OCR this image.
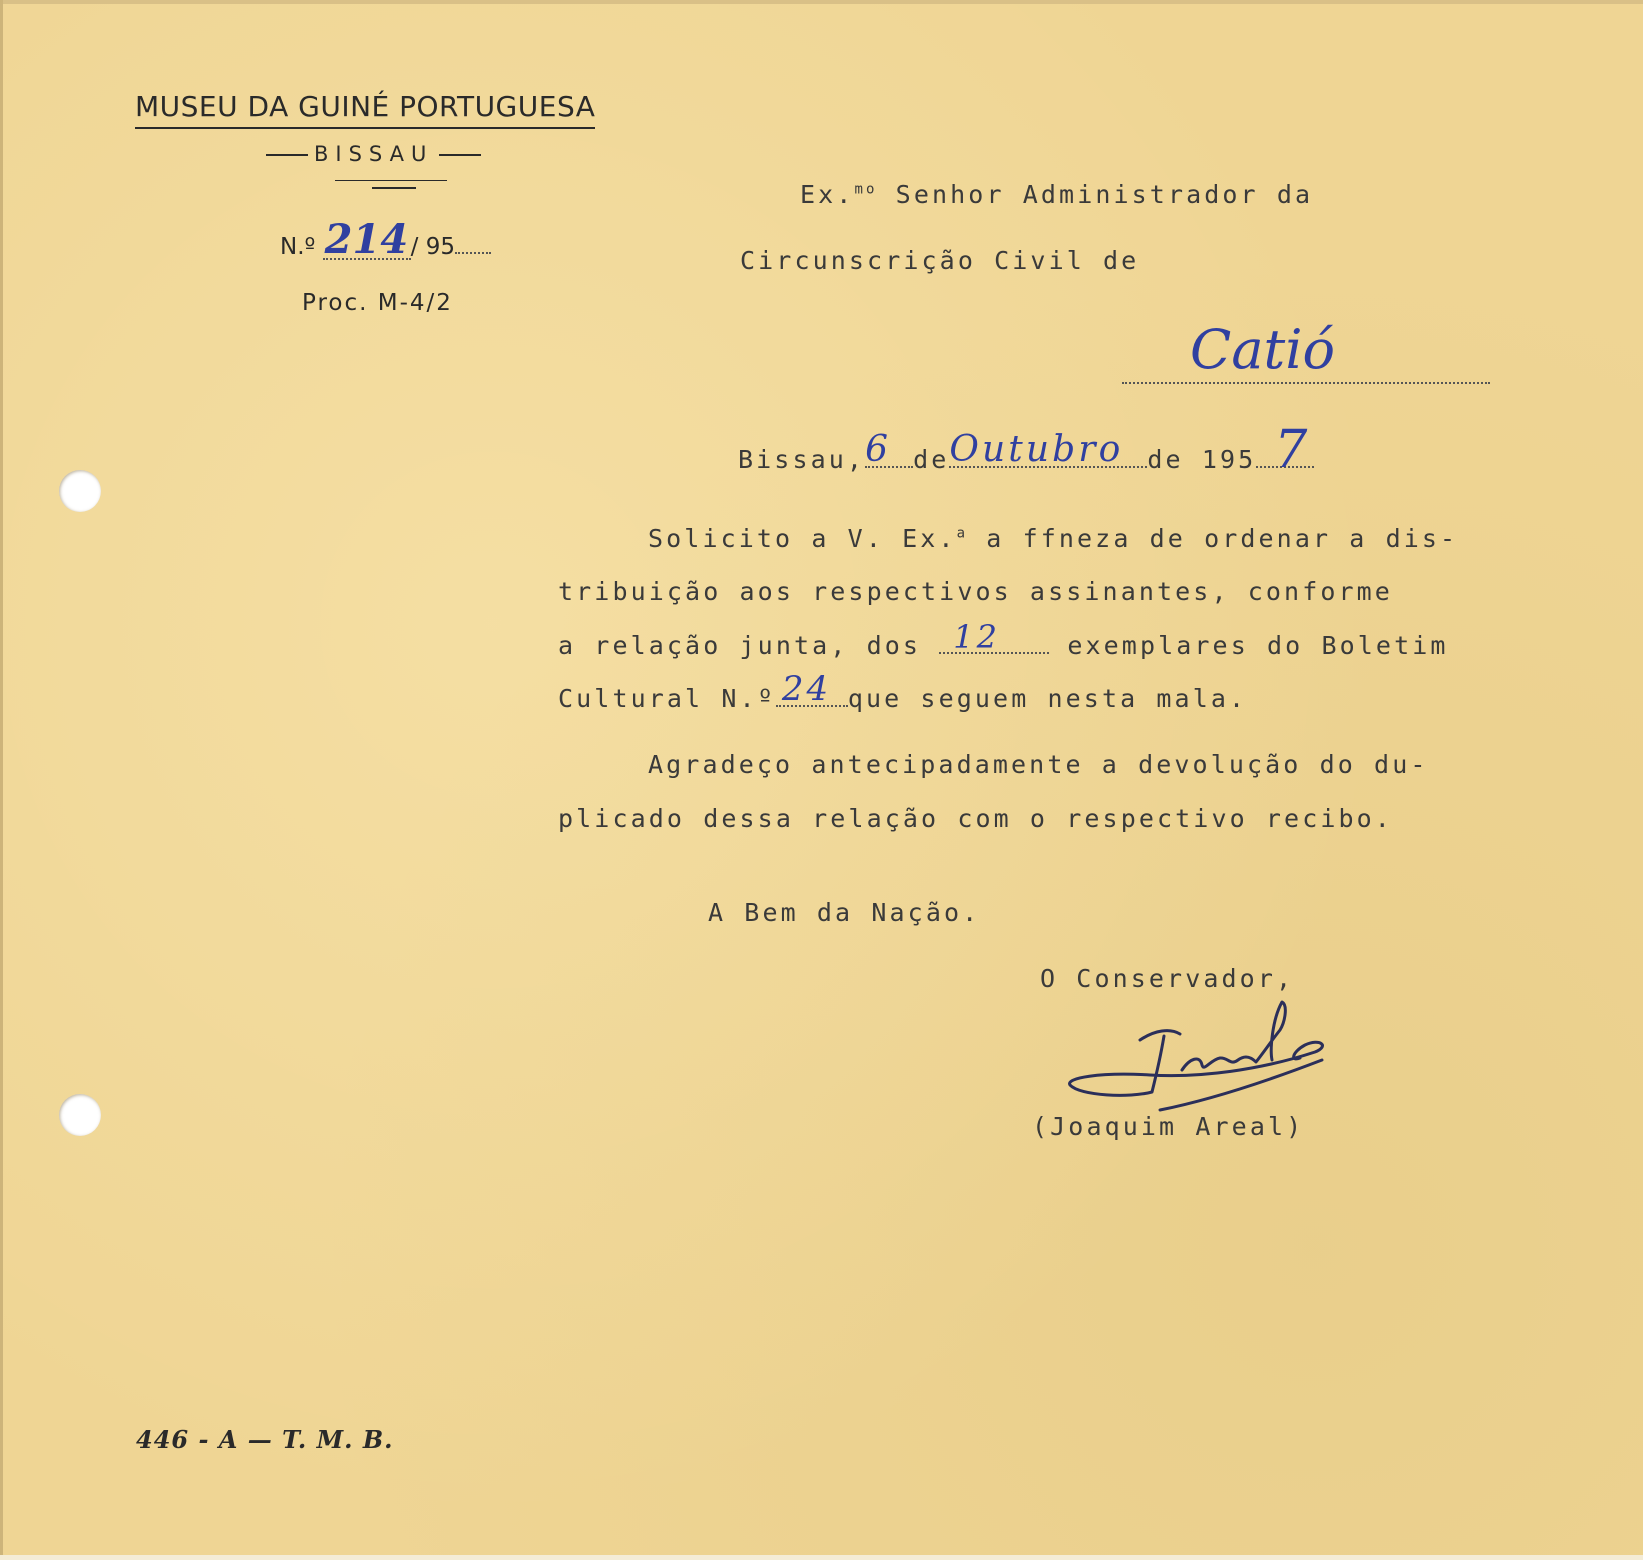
MUSEU DA GUINÉ PORTUGUESA
BISSAU
N.º 214 / 95
Proc. M-4/2
Ex.$^{mo}$ Senhor Administrador da
Circunscrição Civil de
Catió
Bissau, 6 de Outubro de 195 7
Solicito a V. Ex.$^a$ a ffneza de ordenar a dis-
tribuição aos respectivos assinantes, conforme
a relação junta, dos 12	exemplares do Boletim
Cultural N.º 24 que seguem nesta mala.
Agradeço antecipadamente a devolução do du-
plicado dessa relação com o respectivo recibo.
A Bem da Nação.
O Conservador,
(Joaquim Areal)
446 - A — T. M. B.
